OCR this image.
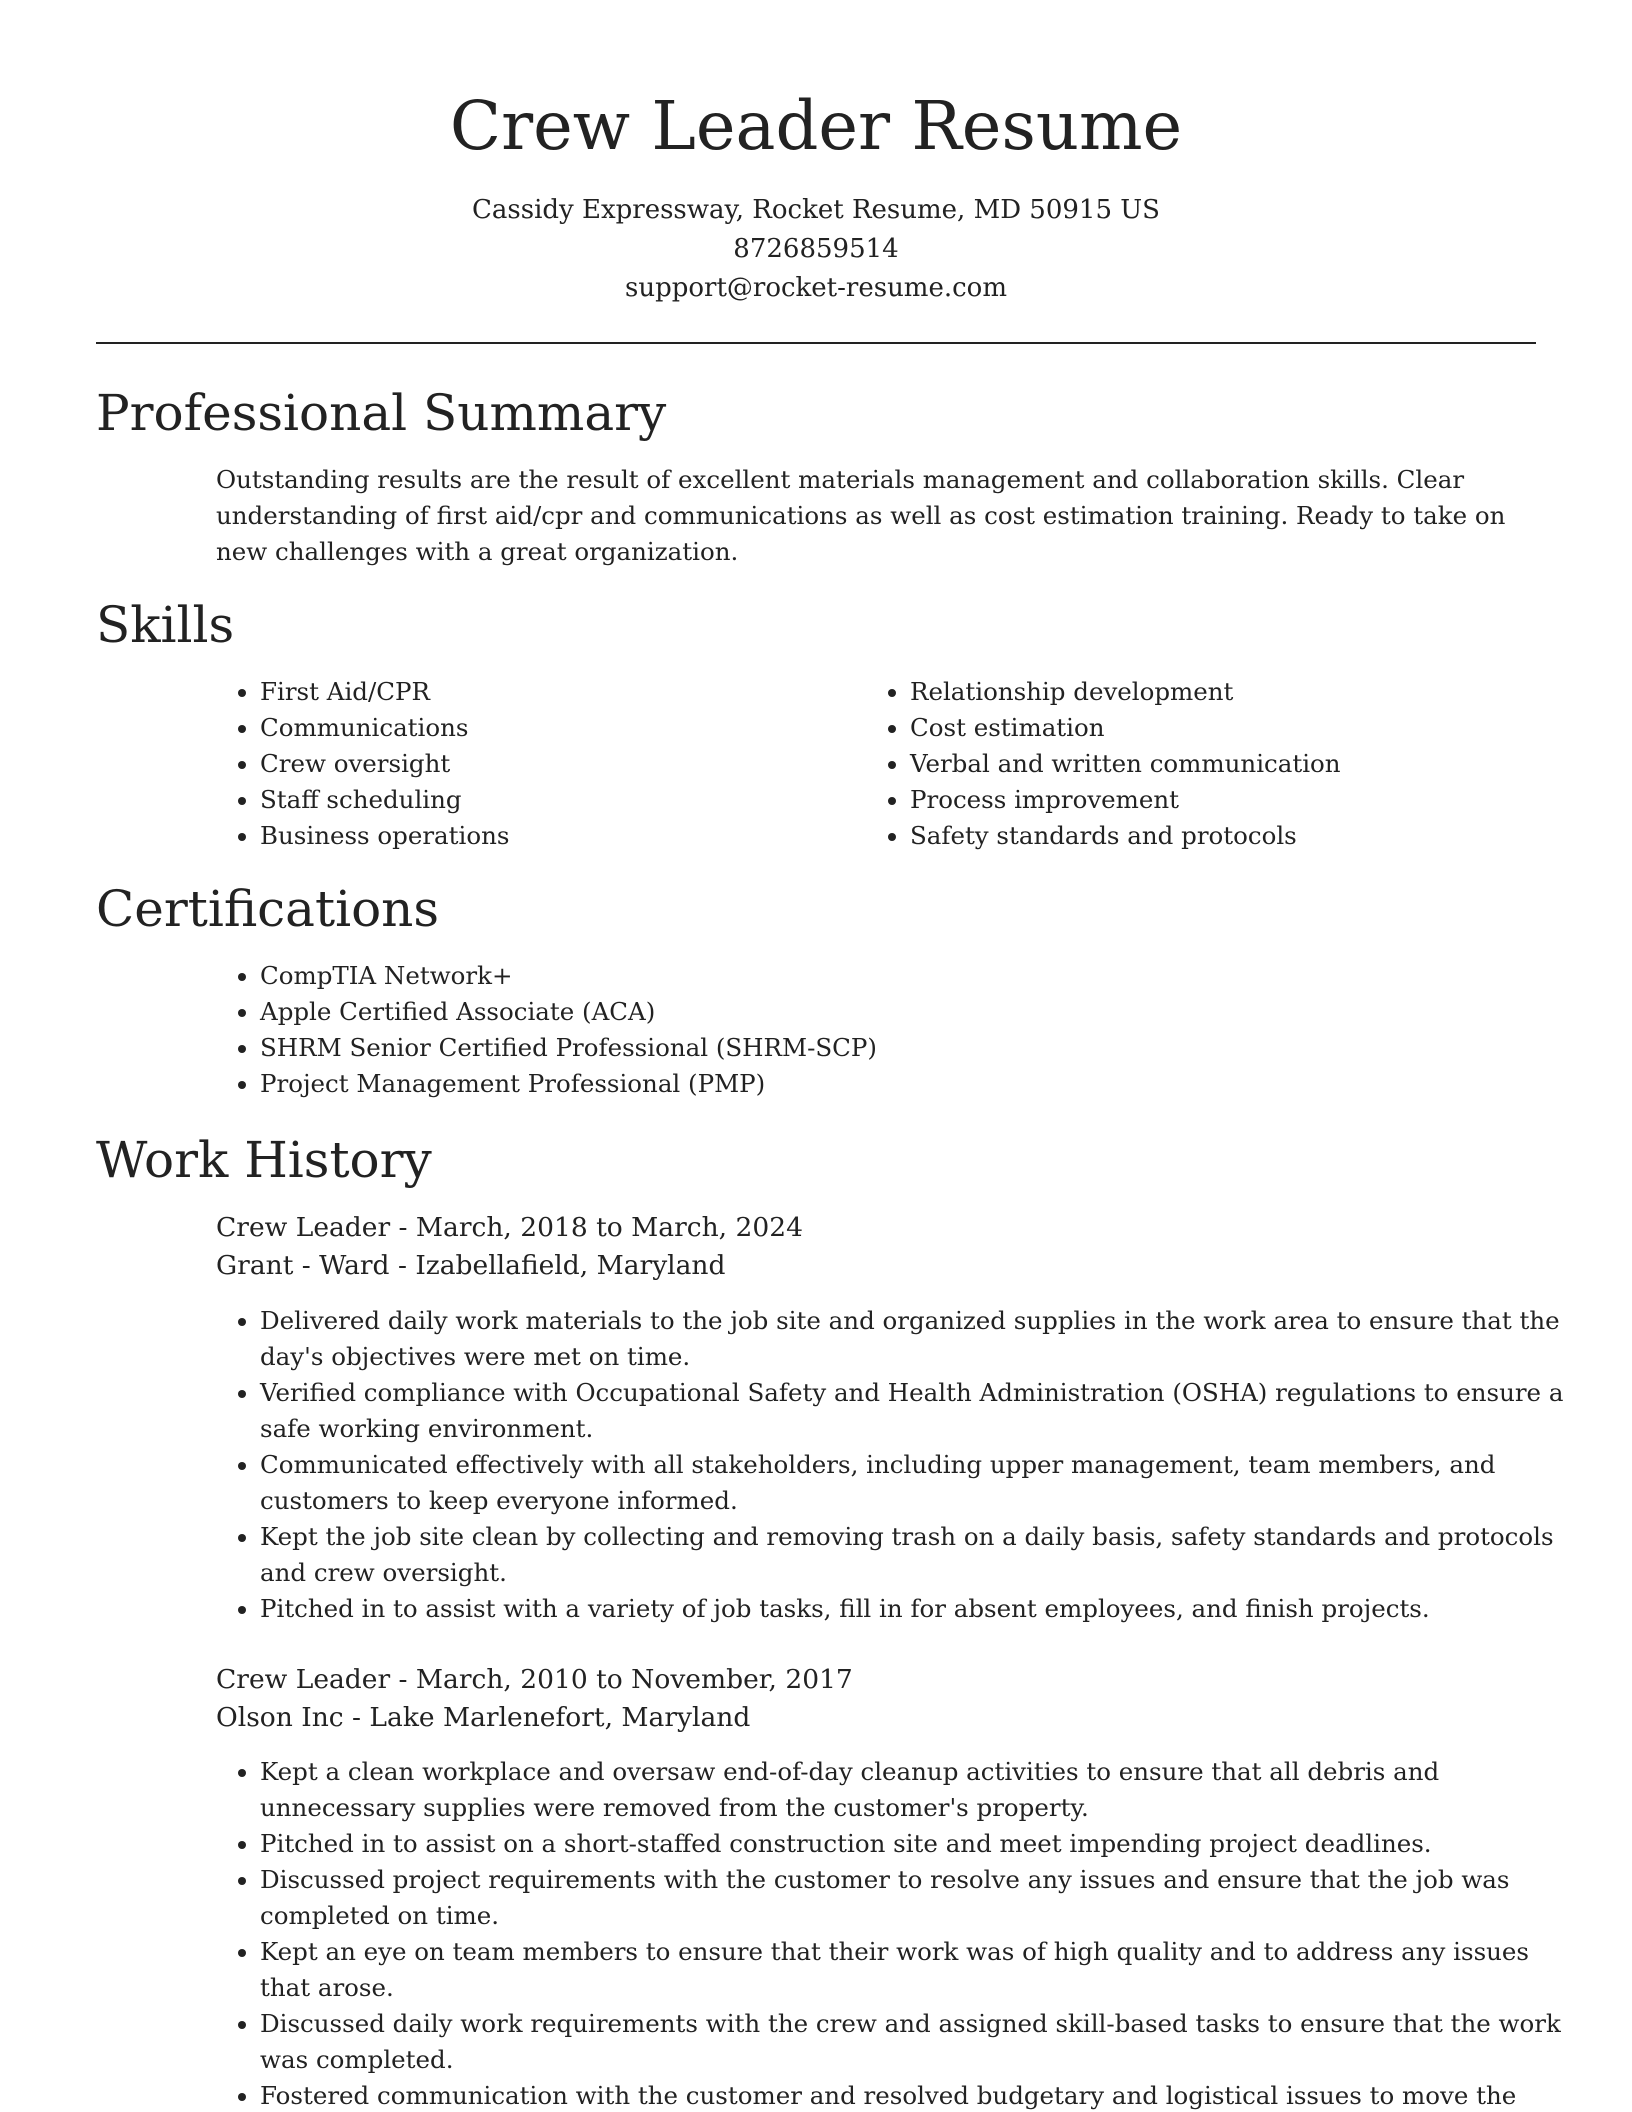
Crew Leader Resume
Cassidy Expressway, Rocket Resume, MD 50915 US
8726859514
support@rocket-resume.com
Professional Summary

Outstanding results are the result of excellent materials management and collaboration skills. Clear understanding of first aid/cpr and communications as well as cost estimation training. Ready to take on new challenges with a great organization.

Skills
• First Aid/CPR
• Communications
• Crew oversight
• Staff scheduling
• Business operations
• Relationship development
• Cost estimation
• Verbal and written communication
• Process improvement
• Safety standards and protocols
Certifications
• CompTIA Network+
• Apple Certified Associate (ACA)
• SHRM Senior Certified Professional (SHRM-SCP)
• Project Management Professional (PMP)
Work History
Crew Leader - March, 2018 to March, 2024
Grant - Ward - Izabellafield, Maryland
• Delivered daily work materials to the job site and organized supplies in the work area to ensure that the day's objectives were met on time.
• Verified compliance with Occupational Safety and Health Administration (OSHA) regulations to ensure a safe working environment.
• Communicated effectively with all stakeholders, including upper management, team members, and customers to keep everyone informed.
• Kept the job site clean by collecting and removing trash on a daily basis, safety standards and protocols and crew oversight.
• Pitched in to assist with a variety of job tasks, fill in for absent employees, and finish projects.
Crew Leader - March, 2010 to November, 2017
Olson Inc - Lake Marlenefort, Maryland
• Kept a clean workplace and oversaw end-of-day cleanup activities to ensure that all debris and unnecessary supplies were removed from the customer's property.
• Pitched in to assist on a short-staffed construction site and meet impending project deadlines.
• Discussed project requirements with the customer to resolve any issues and ensure that the job was completed on time.
• Kept an eye on team members to ensure that their work was of high quality and to address any issues that arose.
• Discussed daily work requirements with the crew and assigned skill-based tasks to ensure that the work was completed.
• Fostered communication with the customer and resolved budgetary and logistical issues to move the
